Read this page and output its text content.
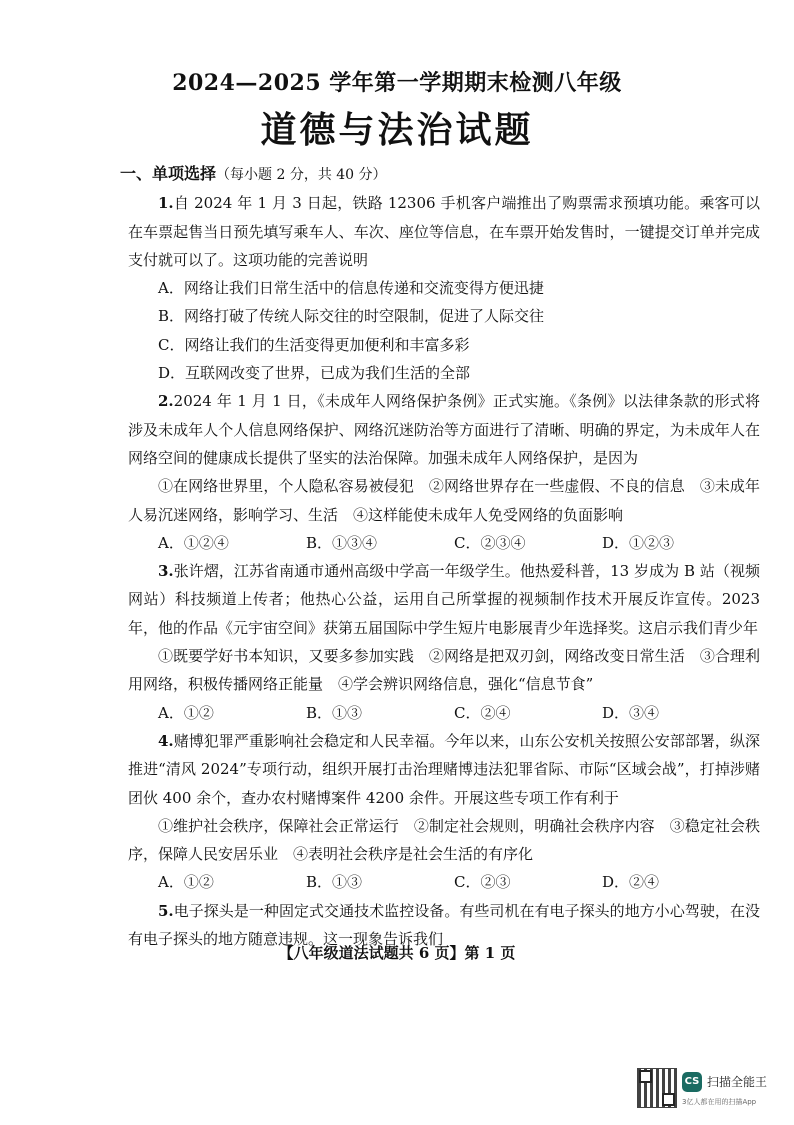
2024—2025 学年第一学期期末检测八年级
道德与法治试题
一、单项选择（每小题 2 分，共 40 分）

1.自 2024 年 1 月 3 日起，铁路 12306 手机客户端推出了购票需求预填功能。乘客可以在车票起售当日预先填写乘车人、车次、座位等信息，在车票开始发售时，一键提交订单并完成支付就可以了。这项功能的完善说明

A．网络让我们日常生活中的信息传递和交流变得方便迅捷

B．网络打破了传统人际交往的时空限制，促进了人际交往

C．网络让我们的生活变得更加便利和丰富多彩

D．互联网改变了世界，已成为我们生活的全部

2.2024 年 1 月 1 日，《未成年人网络保护条例》正式实施。《条例》以法律条款的形式将涉及未成年人个人信息网络保护、网络沉迷防治等方面进行了清晰、明确的界定，为未成年人在网络空间的健康成长提供了坚实的法治保障。加强未成年人网络保护，是因为

①在网络世界里，个人隐私容易被侵犯　②网络世界存在一些虚假、不良的信息　③未成年人易沉迷网络，影响学习、生活　④这样能使未成年人免受网络的负面影响

A．①②④	B．①③④	C．②③④	D．①②③

3.张许熠，江苏省南通市通州高级中学高一年级学生。他热爱科普，13 岁成为 B 站（视频网站）科技频道上传者；他热心公益，运用自己所掌握的视频制作技术开展反诈宣传。2023 年，他的作品《元宇宙空间》获第五届国际中学生短片电影展青少年选择奖。这启示我们青少年

①既要学好书本知识，又要多参加实践　②网络是把双刃剑，网络改变日常生活　③合理利用网络，积极传播网络正能量　④学会辨识网络信息，强化“信息节食”

A．①②	B．①③	C．②④	D．③④

4.赌博犯罪严重影响社会稳定和人民幸福。今年以来，山东公安机关按照公安部部署，纵深推进“清风 2024”专项行动，组织开展打击治理赌博违法犯罪省际、市际“区域会战”，打掉涉赌团伙 400 余个，查办农村赌博案件 4200 余件。开展这些专项工作有利于

①维护社会秩序，保障社会正常运行　②制定社会规则，明确社会秩序内容　③稳定社会秩序，保障人民安居乐业　④表明社会秩序是社会生活的有序化

A．①②	B．①③	C．②③	D．②④

5.电子探头是一种固定式交通技术监控设备。有些司机在有电子探头的地方小心驾驶，在没有电子探头的地方随意违规。这一现象告诉我们

【八年级道法试题共 6 页】第 1 页
CS 扫描全能王
3亿人都在用的扫描App
